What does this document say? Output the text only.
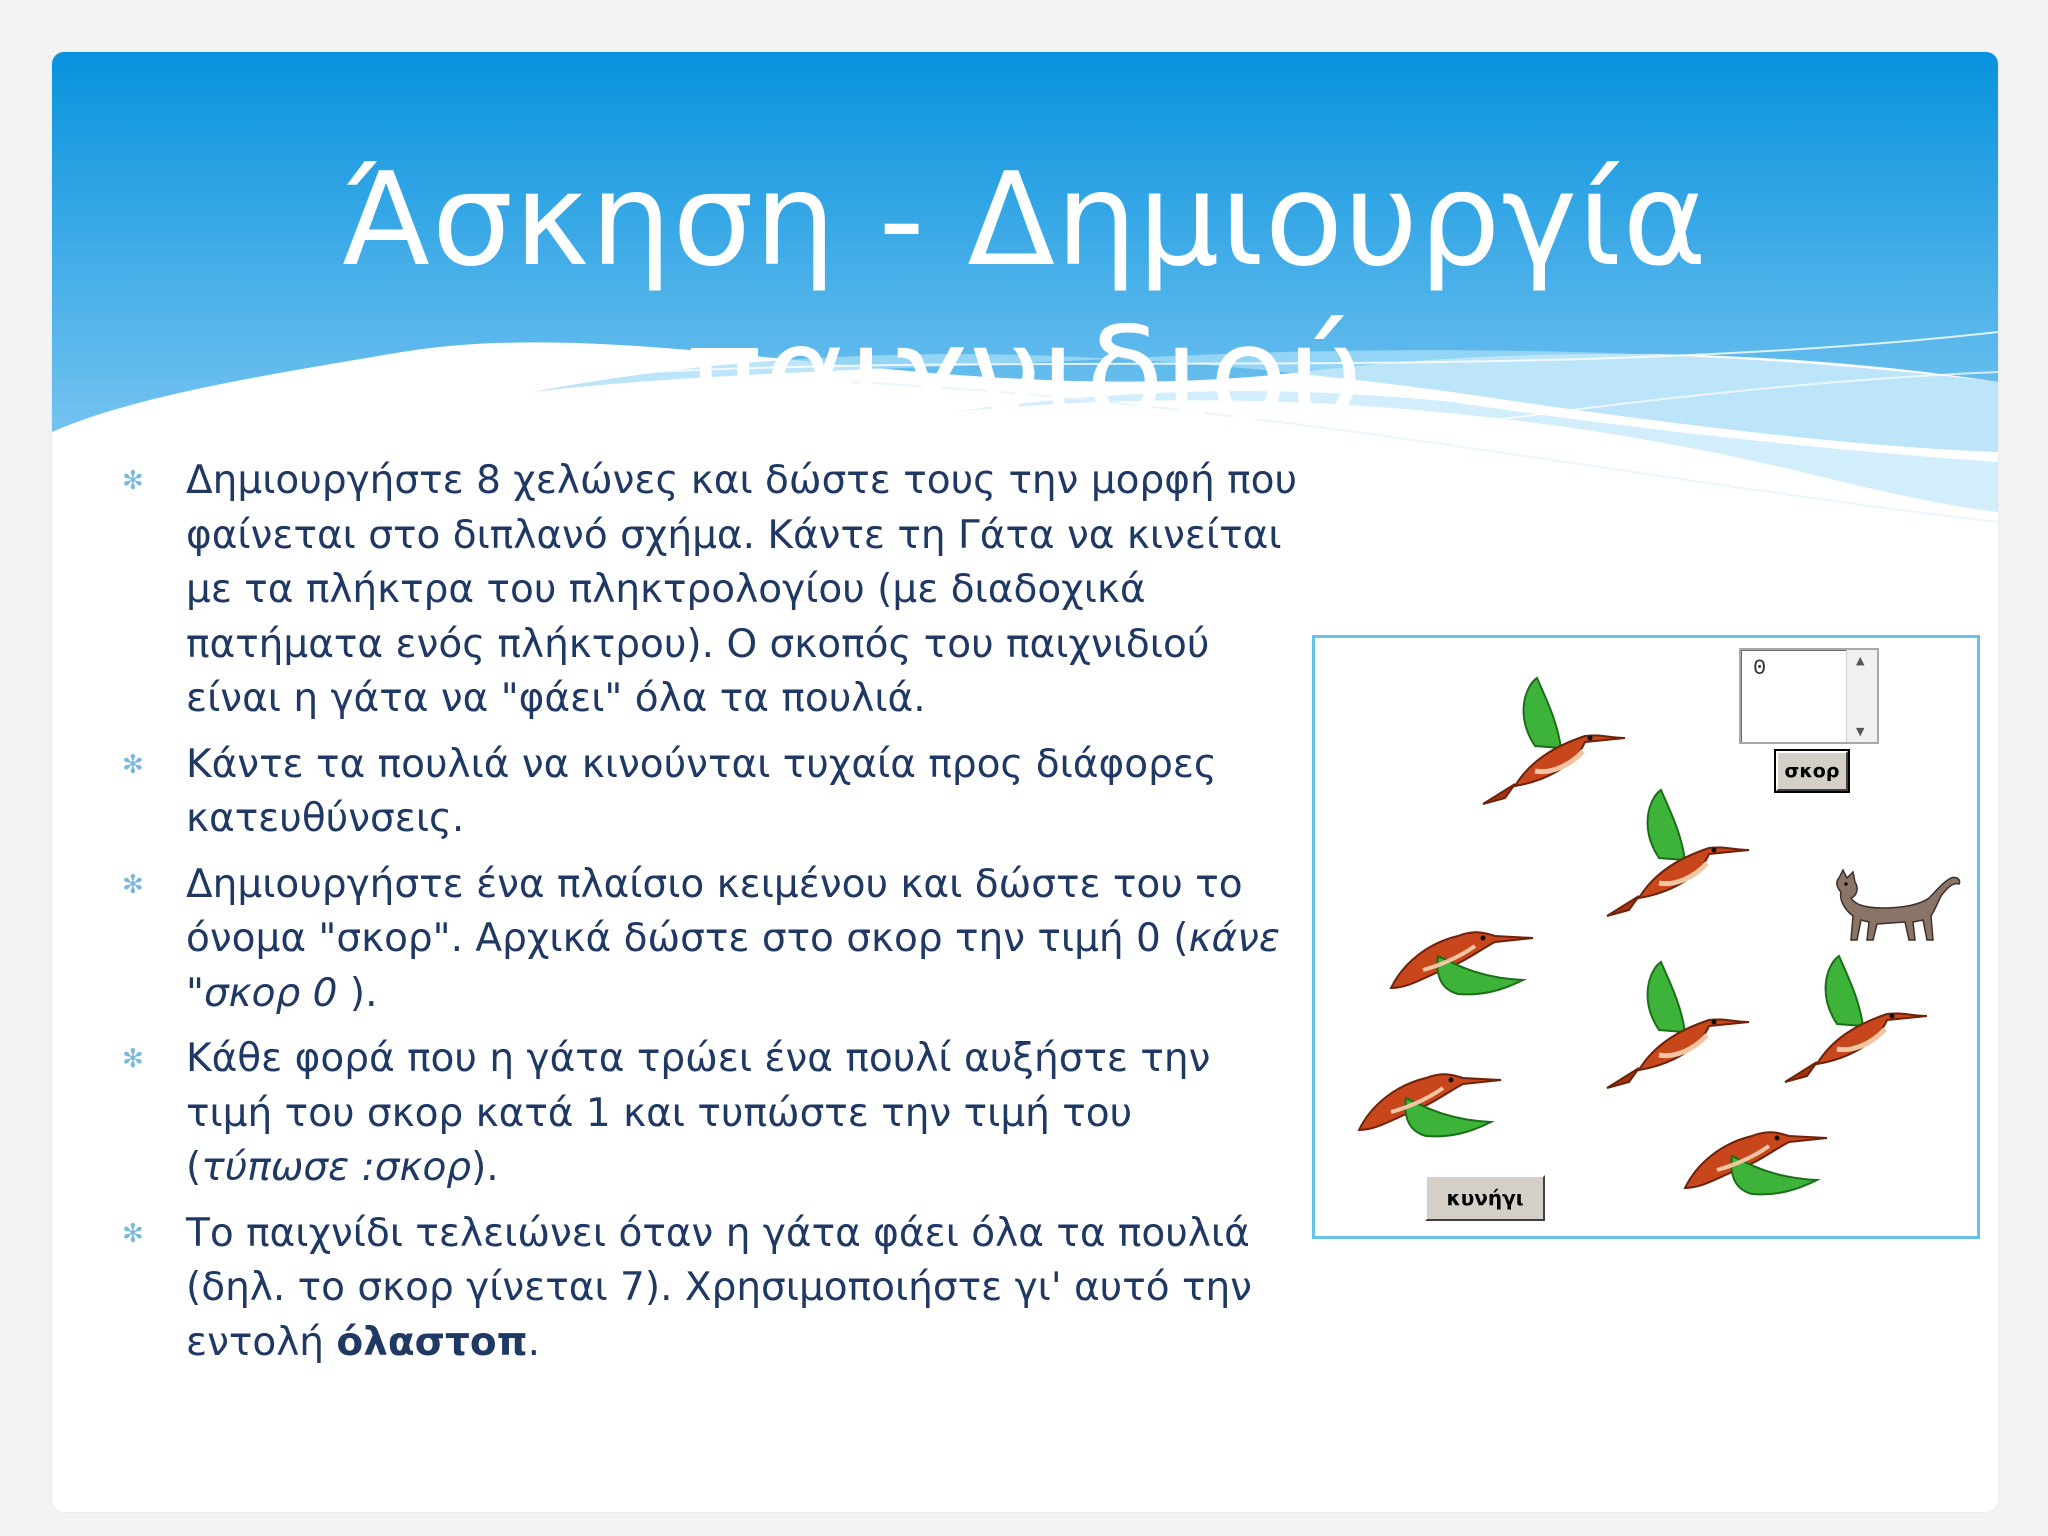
Άσκηση - Δημιουργία παιχνιδιού
✻ Δημιουργήστε 8 χελώνες και δώστε τους την μορφή που φαίνεται στο διπλανό σχήμα. Κάντε τη Γάτα να κινείται με τα πλήκτρα του πληκτρολογίου (με διαδοχικά πατήματα ενός πλήκτρου). Ο σκοπός του παιχνιδιού είναι η γάτα να "φάει" όλα τα πουλιά.
✻ Κάντε τα πουλιά να κινούνται τυχαία προς διάφορες κατευθύνσεις.
✻ Δημιουργήστε ένα πλαίσιο κειμένου και δώστε του το όνομα "σκορ". Αρχικά δώστε στο σκορ την τιμή 0 (κάνε "σκορ 0 ).
✻ Κάθε φορά που η γάτα τρώει ένα πουλί αυξήστε την τιμή του σκορ κατά 1 και τυπώστε την τιμή του (τύπωσε :σκορ).
✻ Το παιχνίδι τελειώνει όταν η γάτα φάει όλα τα πουλιά (δηλ. το σκορ γίνεται 7). Χρησιμοποιήστε γι' αυτό την εντολή όλαστοπ.
0	▲
▼
σκορ
κυνήγι
